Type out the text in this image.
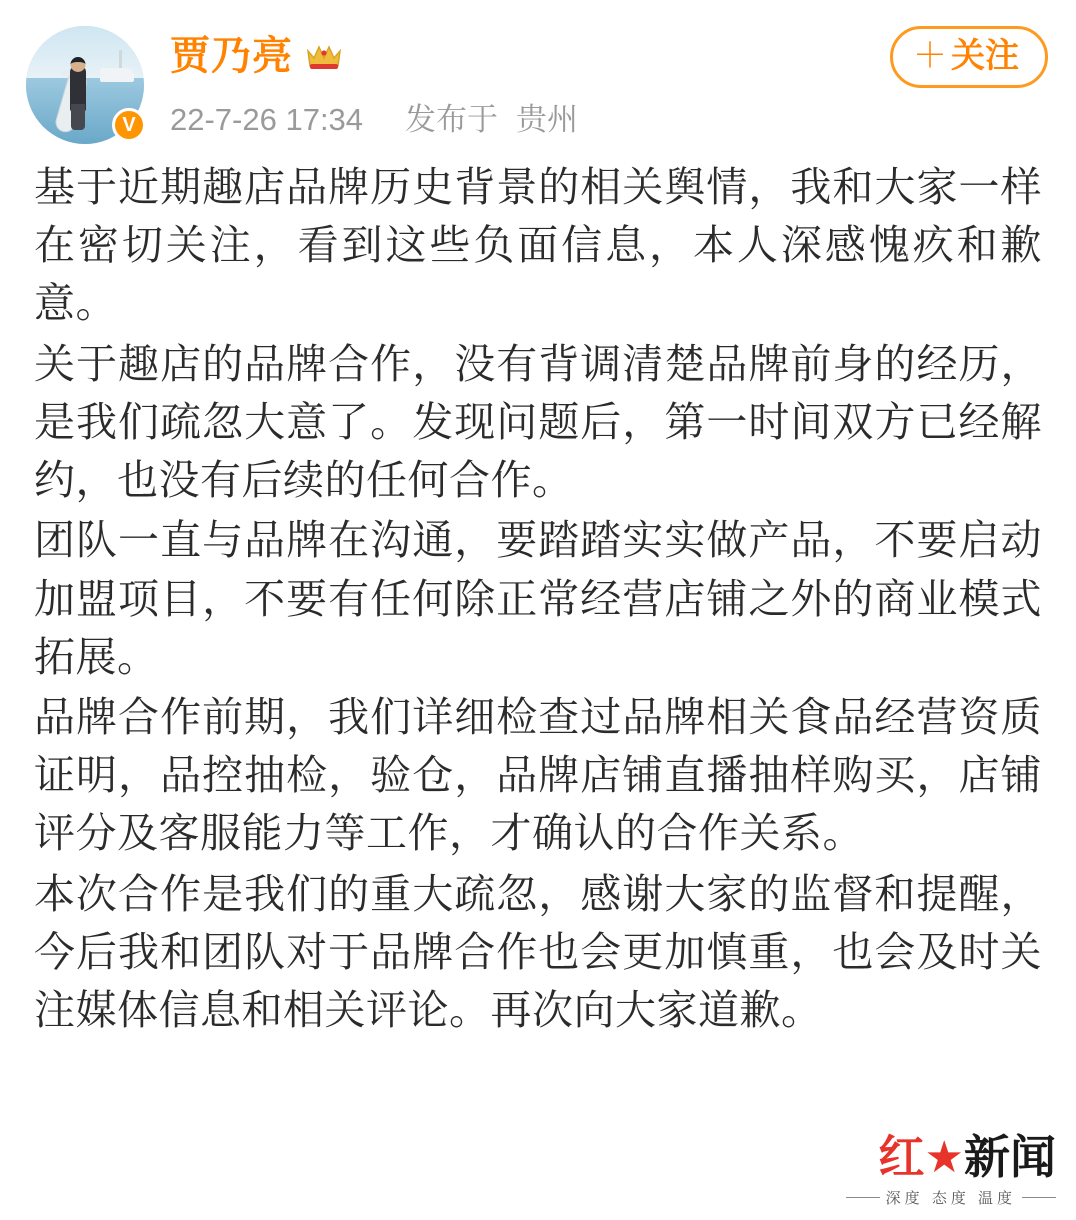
V
贾乃亮
22-7-26 17:34 发布于 贵州
＋ 关注

基于近期趣店品牌历史背景的相关舆情，我和大家一样在密切关注，看到这些负面信息，本人深感愧疚和歉意。

关于趣店的品牌合作，没有背调清楚品牌前身的经历，是我们疏忽大意了。发现问题后，第一时间双方已经解约，也没有后续的任何合作。

团队一直与品牌在沟通，要踏踏实实做产品，不要启动加盟项目，不要有任何除正常经营店铺之外的商业模式拓展。

品牌合作前期，我们详细检查过品牌相关食品经营资质证明，品控抽检，验仓，品牌店铺直播抽样购买，店铺评分及客服能力等工作，才确认的合作关系。

本次合作是我们的重大疏忽，感谢大家的监督和提醒，今后我和团队对于品牌合作也会更加慎重，也会及时关注媒体信息和相关评论。再次向大家道歉。

红 ★ 新闻
深度 态度 温度
